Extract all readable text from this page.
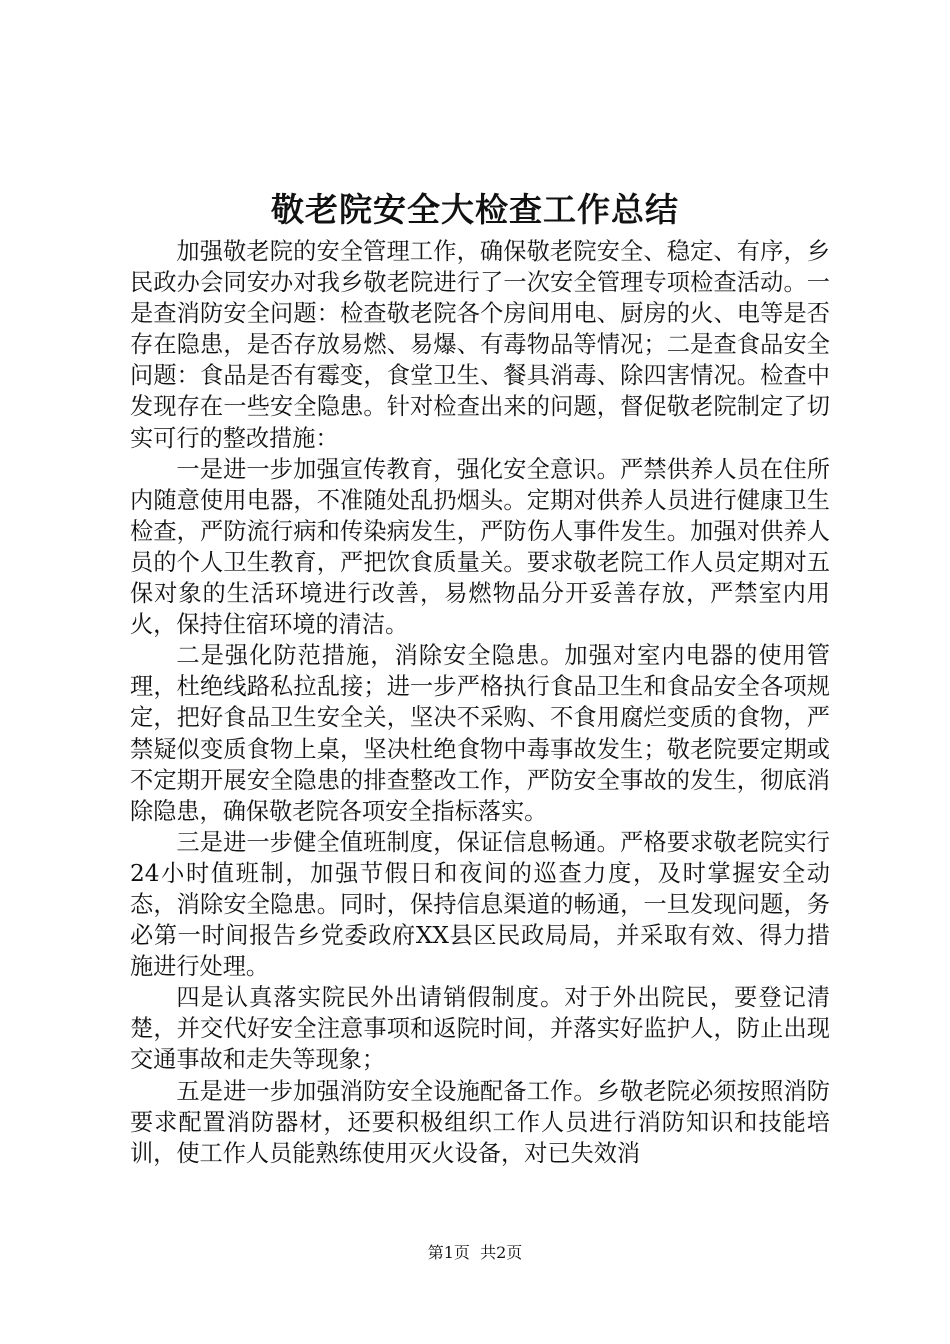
敬老院安全大检查工作总结

加强敬老院的安全管理工作，确保敬老院安全、稳定、有序，乡民政办会同安办对我乡敬老院进行了一次安全管理专项检查活动。一是查消防安全问题：检查敬老院各个房间用电、厨房的火、电等是否存在隐患，是否存放易燃、易爆、有毒物品等情况；二是查食品安全问题：食品是否有霉变，食堂卫生、餐具消毒、除四害情况。检查中发现存在一些安全隐患。针对检查出来的问题，督促敬老院制定了切实可行的整改措施：

一是进一步加强宣传教育，强化安全意识。严禁供养人员在住所内随意使用电器，不准随处乱扔烟头。定期对供养人员进行健康卫生检查，严防流行病和传染病发生，严防伤人事件发生。加强对供养人员的个人卫生教育，严把饮食质量关。要求敬老院工作人员定期对五保对象的生活环境进行改善，易燃物品分开妥善存放，严禁室内用火，保持住宿环境的清洁。

二是强化防范措施，消除安全隐患。加强对室内电器的使用管理，杜绝线路私拉乱接；进一步严格执行食品卫生和食品安全各项规定，把好食品卫生安全关，坚决不采购、不食用腐烂变质的食物，严禁疑似变质食物上桌，坚决杜绝食物中毒事故发生；敬老院要定期或不定期开展安全隐患的排查整改工作，严防安全事故的发生，彻底消除隐患，确保敬老院各项安全指标落实。

三是进一步健全值班制度，保证信息畅通。严格要求敬老院实行24小时值班制，加强节假日和夜间的巡查力度，及时掌握安全动态，消除安全隐患。同时，保持信息渠道的畅通，一旦发现问题，务必第一时间报告乡党委政府XX县区民政局局，并采取有效、得力措施进行处理。

四是认真落实院民外出请销假制度。对于外出院民，要登记清楚，并交代好安全注意事项和返院时间，并落实好监护人，防止出现交通事故和走失等现象；

五是进一步加强消防安全设施配备工作。乡敬老院必须按照消防要求配置消防器材，还要积极组织工作人员进行消防知识和技能培训，使工作人员能熟练使用灭火设备，对已失效消

第1页 共2页
